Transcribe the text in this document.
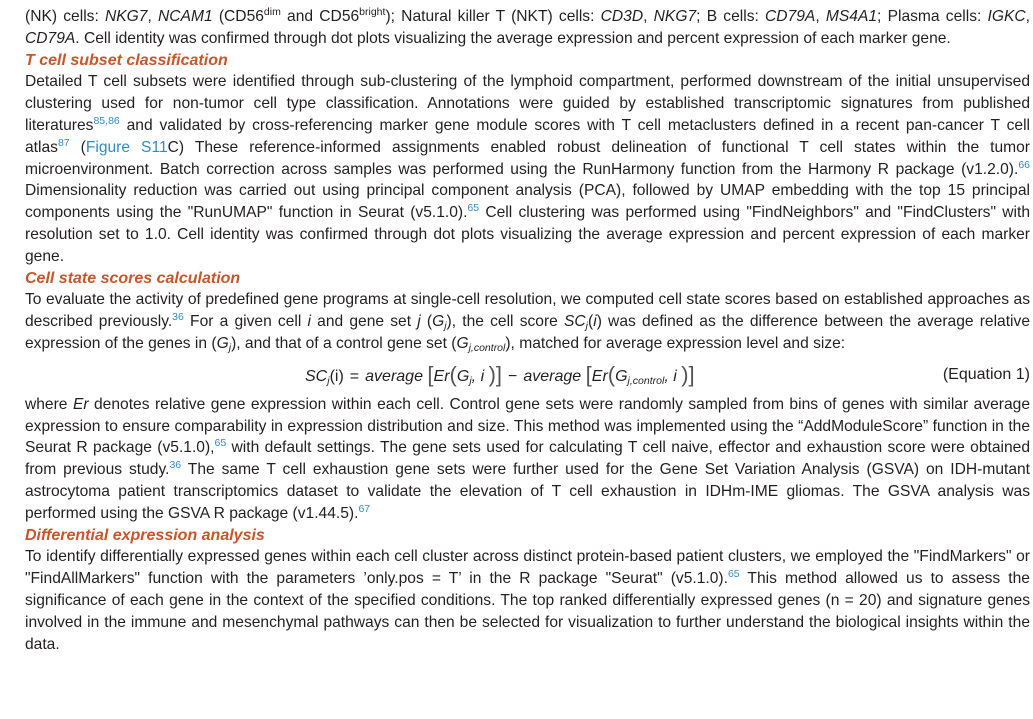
(NK) cells: NKG7, NCAM1 ($CD56^{dim}$ and $CD56^{bright}$); Natural killer T (NKT) cells: CD3D, NKG7; B cells: CD79A, MS4A1; Plasma cells: IGKC, CD79A. Cell identity was confirmed through dot plots visualizing the average expression and percent expression of each marker gene.

T cell subset classification

Detailed T cell subsets were identified through sub-clustering of the lymphoid compartment, performed downstream of the initial unsupervised clustering used for non-tumor cell type classification. Annotations were guided by established transcriptomic signatures from published literatures$^{85,86}$ and validated by cross-referencing marker gene module scores with T cell metaclusters defined in a recent pan-cancer T cell atlas$^{87}$ (Figure S11C) These reference-informed assignments enabled robust delineation of functional T cell states within the tumor microenvironment. Batch correction across samples was performed using the RunHarmony function from the Harmony R package (v1.2.0).$^{66}$ Dimensionality reduction was carried out using principal component analysis (PCA), followed by UMAP embedding with the top 15 principal components using the "RunUMAP" function in Seurat (v5.1.0).$^{65}$ Cell clustering was performed using "FindNeighbors" and "FindClusters" with resolution set to 1.0. Cell identity was confirmed through dot plots visualizing the average expression and percent expression of each marker gene.

Cell state scores calculation

To evaluate the activity of predefined gene programs at single-cell resolution, we computed cell state scores based on established approaches as described previously.$^{36}$ For a given cell i and gene set j $(G_j)$, the cell score $SC_j(i)$ was defined as the difference between the average relative expression of the genes in $(G_j)$, and that of a control gene set $(G_{j,control})$, matched for average expression level and size:

$SC_j(i)$ = average [$Er(G_j$, i )] − average [$Er(G_{j,control}$, i )]	(Equation 1)

where Er denotes relative gene expression within each cell. Control gene sets were randomly sampled from bins of genes with similar average expression to ensure comparability in expression distribution and size. This method was implemented using the “AddModuleScore” function in the Seurat R package (v5.1.0),$^{65}$ with default settings. The gene sets used for calculating T cell naive, effector and exhaustion score were obtained from previous study.$^{36}$ The same T cell exhaustion gene sets were further used for the Gene Set Variation Analysis (GSVA) on IDH-mutant astrocytoma patient transcriptomics dataset to validate the elevation of T cell exhaustion in IDHm-IME gliomas. The GSVA analysis was performed using the GSVA R package (v1.44.5).$^{67}$

Differential expression analysis

To identify differentially expressed genes within each cell cluster across distinct protein-based patient clusters, we employed the "FindMarkers" or "FindAllMarkers" function with the parameters ’only.pos = T’ in the R package "Seurat" (v5.1.0).$^{65}$ This method allowed us to assess the significance of each gene in the context of the specified conditions. The top ranked differentially expressed genes (n = 20) and signature genes involved in the immune and mesenchymal pathways can then be selected for visualization to further understand the biological insights within the data.
